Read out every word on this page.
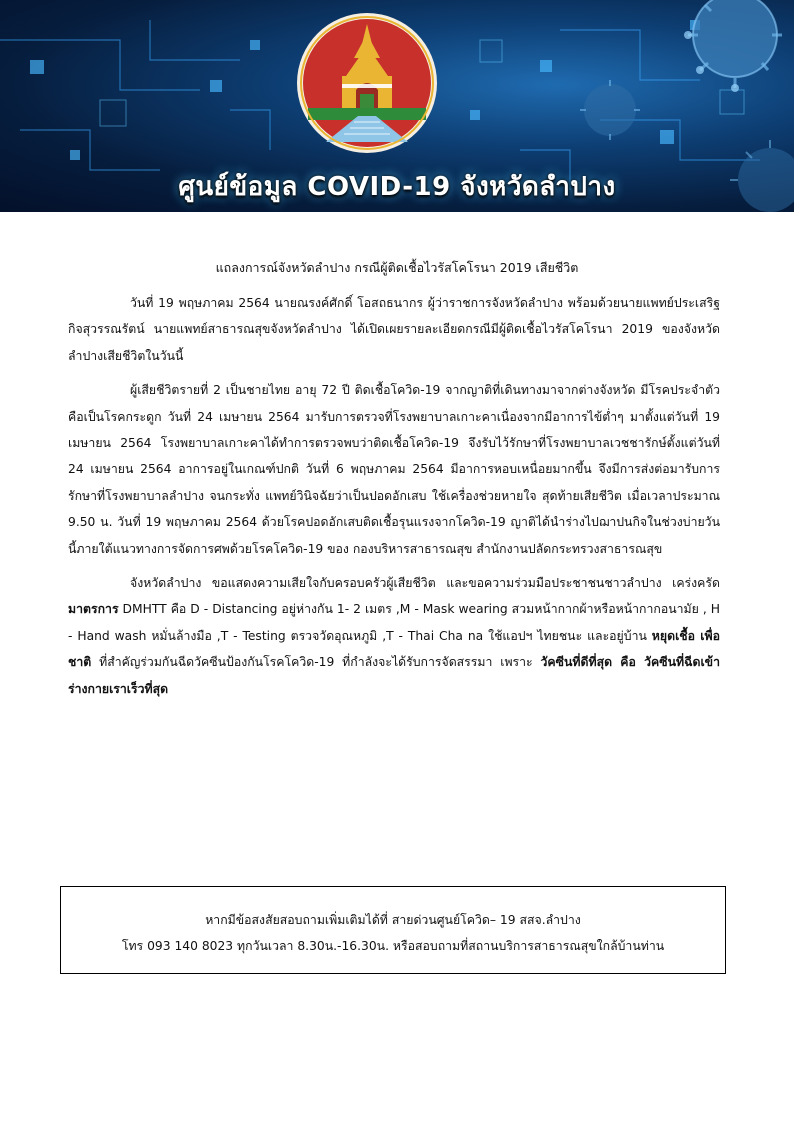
ศูนย์ข้อมูล COVID-19 จังหวัดลำปาง
แถลงการณ์จังหวัดลำปาง กรณีผู้ติดเชื้อไวรัสโคโรนา 2019 เสียชีวิต

วันที่ 19 พฤษภาคม 2564 นายณรงค์ศักดิ์ โอสถธนากร ผู้ว่าราชการจังหวัดลำปาง พร้อมด้วยนายแพทย์ประเสริฐ กิจสุวรรณรัตน์ นายแพทย์สาธารณสุขจังหวัดลำปาง ได้เปิดเผยรายละเอียดกรณีมีผู้ติดเชื้อไวรัสโคโรนา 2019 ของจังหวัดลำปางเสียชีวิตในวันนี้

ผู้เสียชีวิตรายที่ 2 เป็นชายไทย อายุ 72 ปี ติดเชื้อโควิด-19 จากญาติที่เดินทางมาจากต่างจังหวัด มีโรคประจำตัวคือเป็นโรคกระดูก วันที่ 24 เมษายน 2564 มารับการตรวจที่โรงพยาบาลเกาะคาเนื่องจากมีอาการไข้ต่ำๆ มาตั้งแต่วันที่ 19 เมษายน 2564 โรงพยาบาลเกาะคาได้ทำการตรวจพบว่าติดเชื้อโควิด-19 จึงรับไว้รักษาที่โรงพยาบาลเวชชารักษ์ตั้งแต่วันที่ 24 เมษายน 2564 อาการอยู่ในเกณฑ์ปกติ วันที่ 6 พฤษภาคม 2564 มีอาการหอบเหนื่อยมากขึ้น จึงมีการส่งต่อมารับการรักษาที่โรงพยาบาลลำปาง จนกระทั่ง แพทย์วินิจฉัยว่าเป็นปอดอักเสบ ใช้เครื่องช่วยหายใจ สุดท้ายเสียชีวิต เมื่อเวลาประมาณ 9.50 น. วันที่ 19 พฤษภาคม 2564 ด้วยโรคปอดอักเสบติดเชื้อรุนแรงจากโควิด-19 ญาติได้นำร่างไปฌาปนกิจในช่วงบ่ายวันนี้ภายใต้แนวทางการจัดการศพด้วยโรคโควิด-19 ของ กองบริหารสาธารณสุข สำนักงานปลัดกระทรวงสาธารณสุข

จังหวัดลำปาง ขอแสดงความเสียใจกับครอบครัวผู้เสียชีวิต และขอความร่วมมือประชาชนชาวลำปาง เคร่งครัด มาตรการ DMHTT คือ D - Distancing อยู่ห่างกัน 1- 2 เมตร ,M - Mask wearing สวมหน้ากากผ้าหรือหน้ากากอนามัย , H - Hand wash หมั่นล้างมือ ,T - Testing ตรวจวัดอุณหภูมิ ,T - Thai Cha na ใช้แอปฯ ไทยชนะ และอยู่บ้าน หยุดเชื้อ เพื่อชาติ ที่สำคัญร่วมกันฉีดวัคซีนป้องกันโรคโควิด-19 ที่กำลังจะได้รับการจัดสรรมา เพราะ วัคซีนที่ดีที่สุด คือ วัคซีนที่ฉีดเข้าร่างกายเราเร็วที่สุด

หากมีข้อสงสัยสอบถามเพิ่มเติมได้ที่ สายด่วนศูนย์โควิด– 19 สสจ.ลำปาง
โทร 093 140 8023 ทุกวันเวลา 8.30น.-16.30น. หรือสอบถามที่สถานบริการสาธารณสุขใกล้บ้านท่าน
